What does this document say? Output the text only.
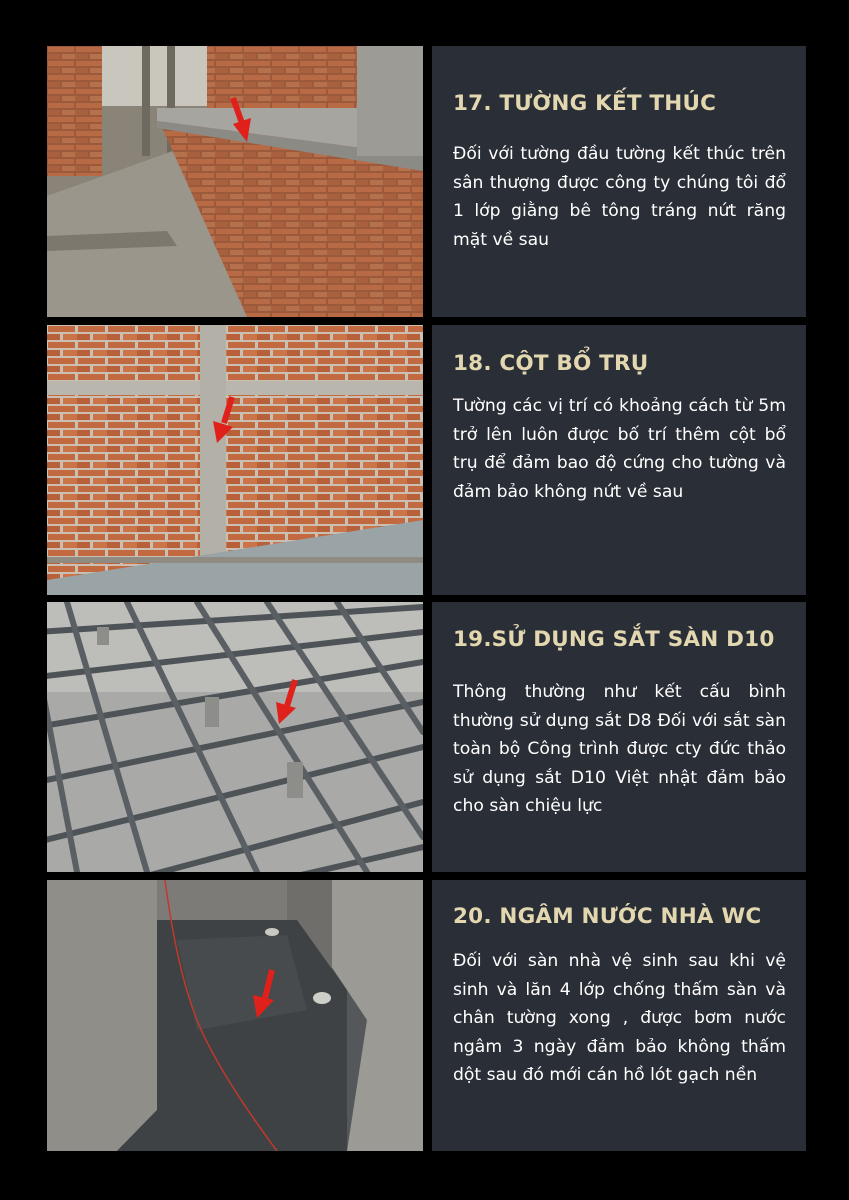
17. TƯỜNG KẾT THÚC

Đối với tường đầu tường kết thúc trên sân thượng được công ty chúng tôi đổ 1 lớp giằng bê tông tráng nứt răng mặt về sau

18. CỘT BỔ TRỤ

Tường các vị trí có khoảng cách từ 5m trở lên luôn được bố trí thêm cột bổ trụ để đảm bao độ cứng cho tường và đảm bảo không nứt về sau

19.SỬ DỤNG SẮT SÀN D10

Thông thường như kết cấu bình thường sử dụng sắt D8 Đối với sắt sàn toàn bộ Công trình được cty đức thảo sử dụng sắt D10 Việt nhật đảm bảo cho sàn chiệu lực

20. NGÂM NƯỚC NHÀ WC

Đối với sàn nhà vệ sinh sau khi vệ sinh và lăn 4 lớp chống thấm sàn và chân tường xong , được bơm nước ngâm 3 ngày đảm bảo không thấm dột sau đó mới cán hồ lót gạch nền
